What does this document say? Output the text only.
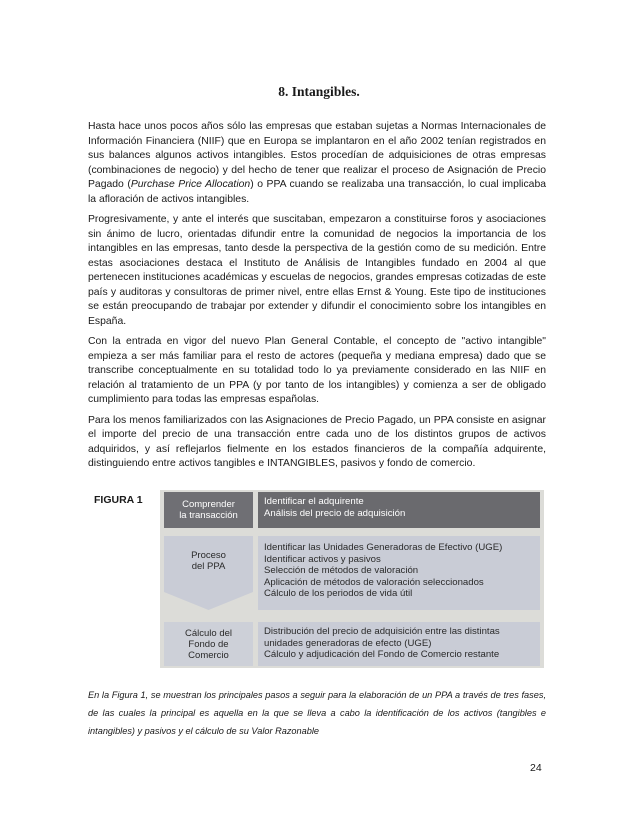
8. Intangibles.

Hasta hace unos pocos años sólo las empresas que estaban sujetas a Normas Internacionales de Información Financiera (NIIF) que en Europa se implantaron en el año 2002 tenían registrados en sus balances algunos activos intangibles. Estos procedían de adquisiciones de otras empresas (combinaciones de negocio) y del hecho de tener que realizar el proceso de Asignación de Precio Pagado (Purchase Price Allocation) o PPA cuando se realizaba una transacción, lo cual implicaba la afloración de activos intangibles.

Progresivamente, y ante el interés que suscitaban, empezaron a constituirse foros y asociaciones sin ánimo de lucro, orientadas difundir entre la comunidad de negocios la importancia de los intangibles en las empresas, tanto desde la perspectiva de la gestión como de su medición. Entre estas asociaciones destaca el Instituto de Análisis de Intangibles fundado en 2004 al que pertenecen instituciones académicas y escuelas de negocios, grandes empresas cotizadas de este país y auditoras y consultoras de primer nivel, entre ellas Ernst & Young. Este tipo de instituciones se están preocupando de trabajar por extender y difundir el conocimiento sobre los intangibles en España.

Con la entrada en vigor del nuevo Plan General Contable, el concepto de "activo intangible" empieza a ser más familiar para el resto de actores (pequeña y mediana empresa) dado que se transcribe conceptualmente en su totalidad todo lo ya previamente considerado en las NIIF en relación al tratamiento de un PPA (y por tanto de los intangibles) y comienza a ser de obligado cumplimiento para todas las empresas españolas.

Para los menos familiarizados con las Asignaciones de Precio Pagado, un PPA consiste en asignar el importe del precio de una transacción entre cada uno de los distintos grupos de activos adquiridos, y así reflejarlos fielmente en los estados financieros de la compañía adquirente, distinguiendo entre activos tangibles e INTANGIBLES, pasivos y fondo de comercio.

FIGURA 1	Comprender
la transacción
Proceso
del PPA
Cálculo del
Fondo de
Comercio
Identificar el adquirente
Análisis del precio de adquisición
Identificar las Unidades Generadoras de Efectivo (UGE)
Identificar activos y pasivos
Selección de métodos de valoración
Aplicación de métodos de valoración seleccionados
Cálculo de los periodos de vida útil
Distribución del precio de adquisición entre las distintas
unidades generadoras de efecto (UGE)
Cálculo y adjudicación del Fondo de Comercio restante
En la Figura 1, se muestran los principales pasos a seguir para la elaboración de un PPA a través de tres fases, de las cuales la principal es aquella en la que se lleva a cabo la identificación de los activos (tangibles e intangibles) y pasivos y el cálculo de su Valor Razonable
24
